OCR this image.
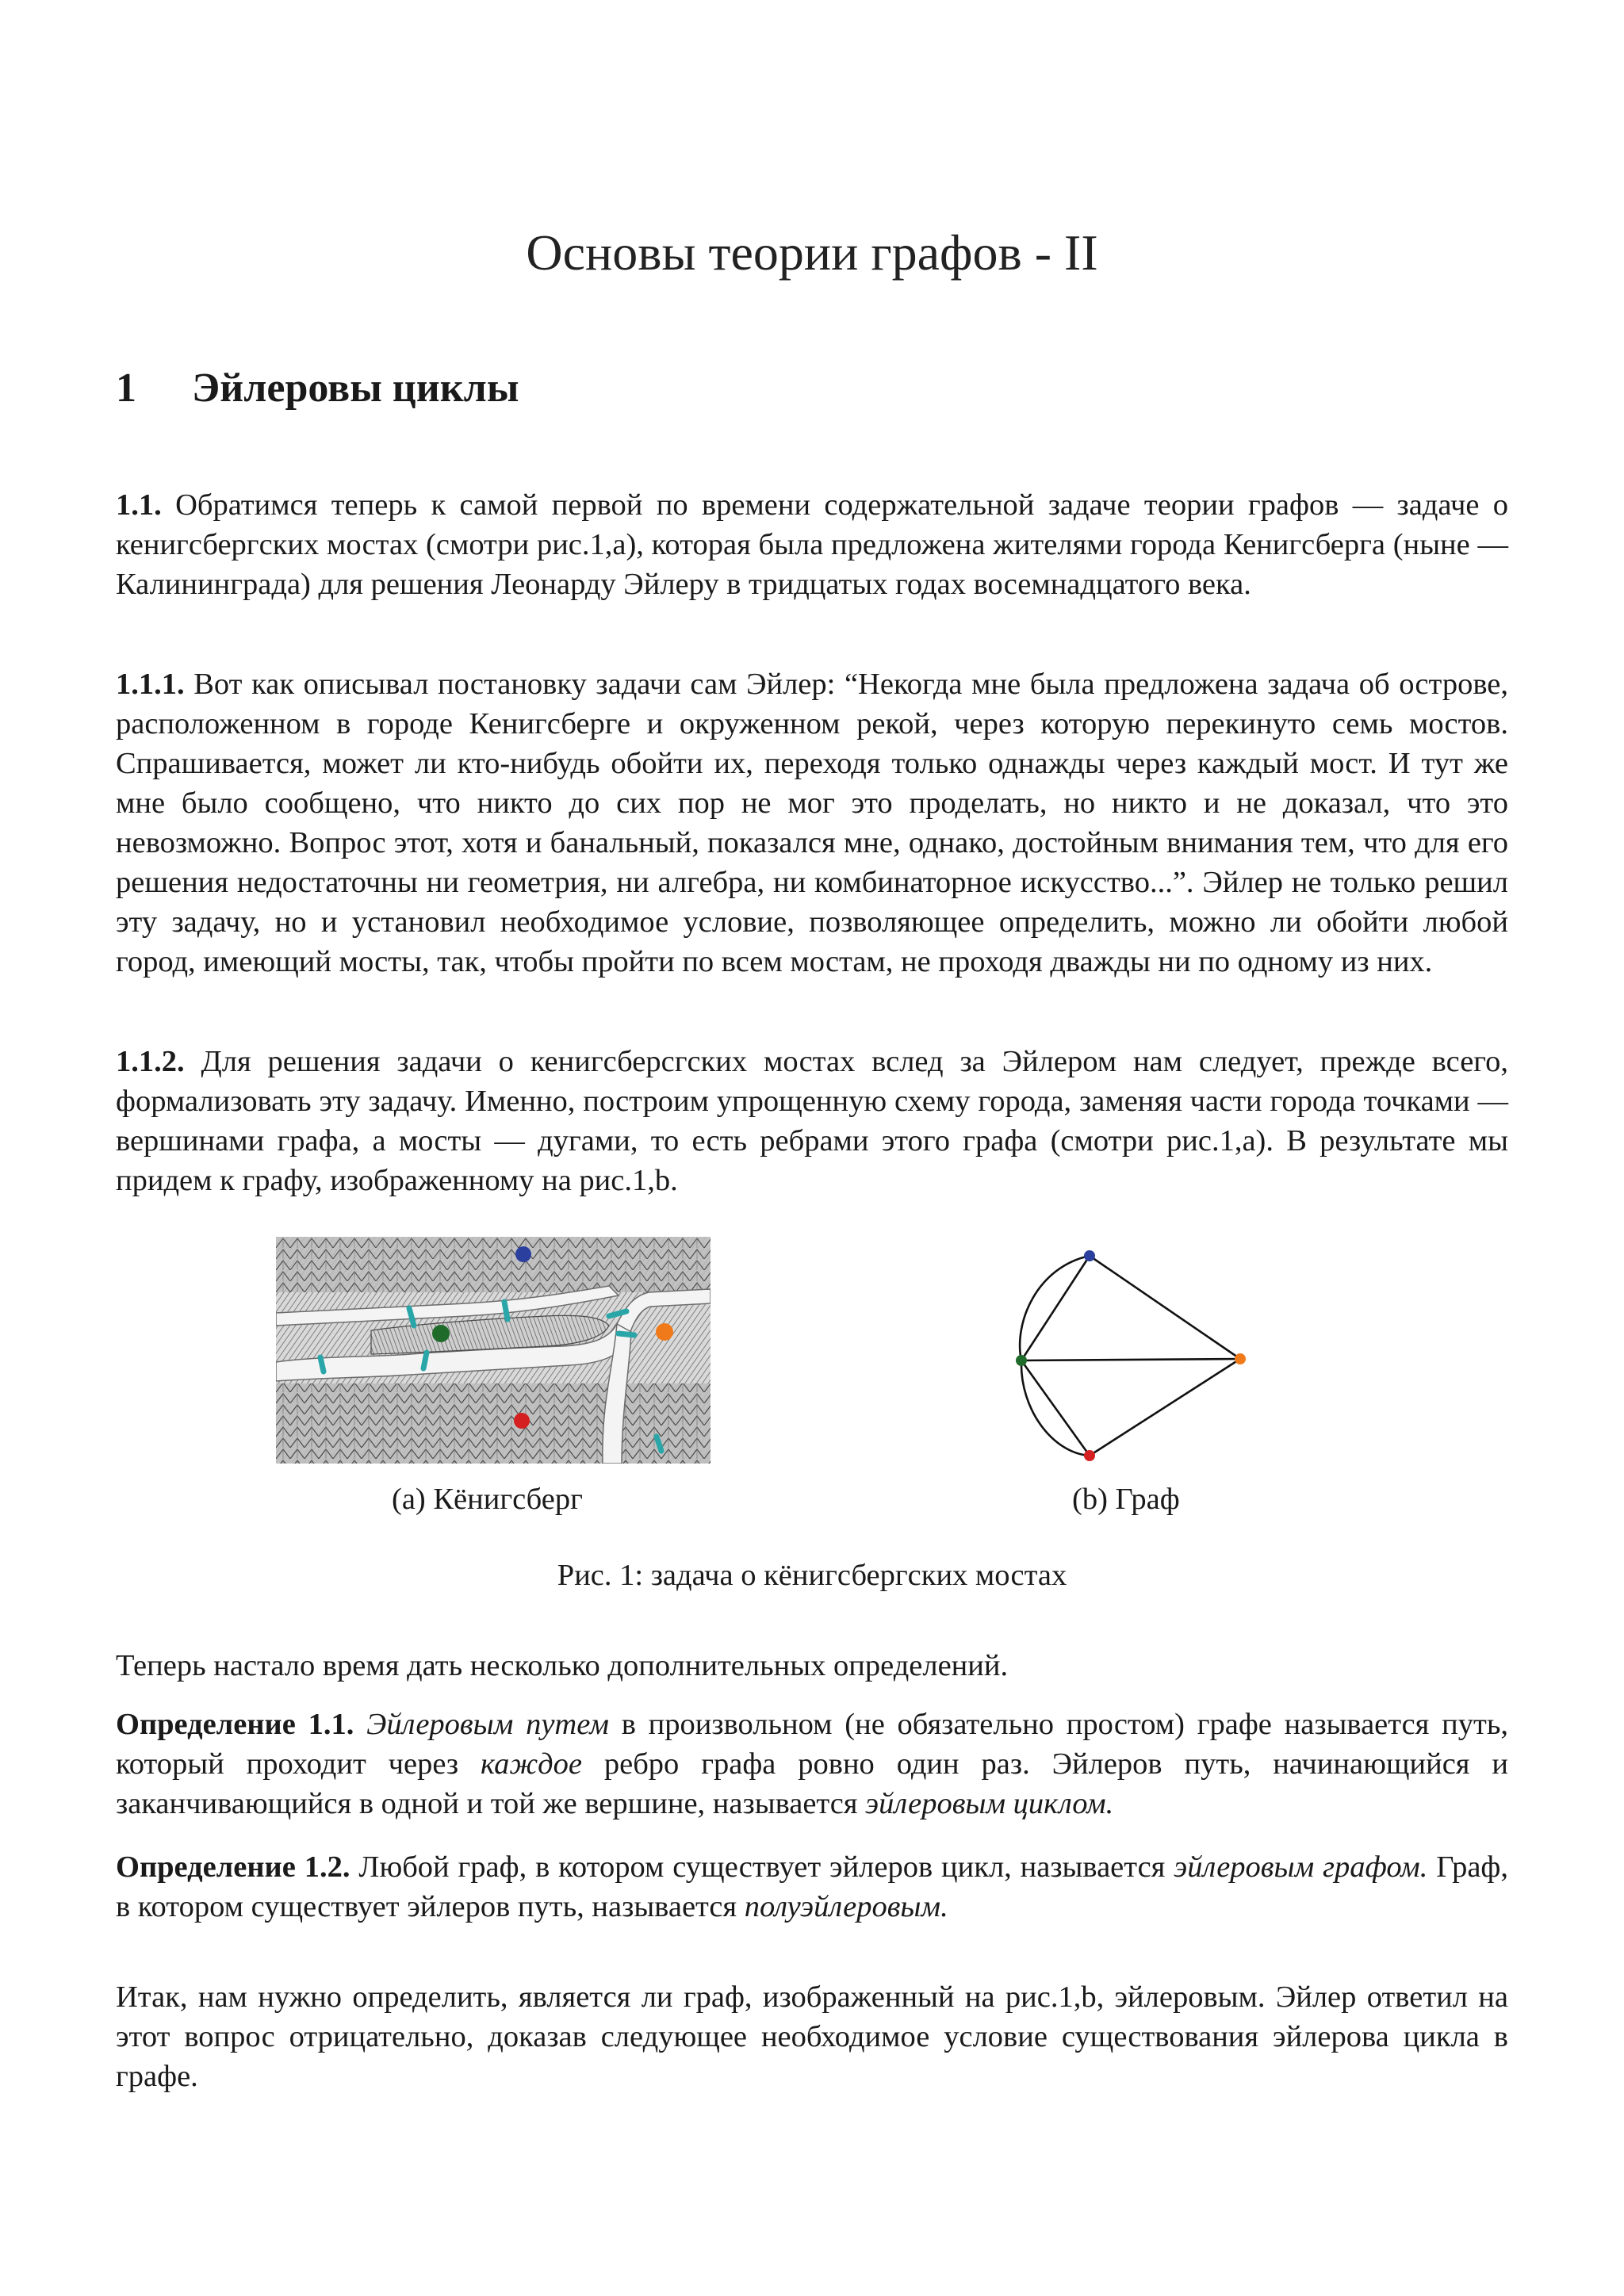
Основы теории графов - II
1 Эйлеровы циклы

1.1. Обратимся теперь к самой первой по времени содержательной задаче теории графов — задаче о кенигсбергских мостах (смотри рис.1,a), которая была предложена жителями города Кенигсберга (ныне — Калининграда) для решения Леонарду Эйлеру в тридцатых годах восемнадцатого века.

1.1.1. Вот как описывал постановку задачи сам Эйлер: “Некогда мне была предложена задача об острове, расположенном в городе Кенигсберге и окруженном рекой, через которую перекинуто семь мостов. Спрашивается, может ли кто-нибудь обойти их, переходя только однажды через каждый мост. И тут же мне было сообщено, что никто до сих пор не мог это проделать, но никто и не доказал, что это невозможно. Вопрос этот, хотя и банальный, показался мне, однако, достойным внимания тем, что для его решения недостаточны ни геометрия, ни алгебра, ни комбинаторное искусство...”. Эйлер не только решил эту задачу, но и установил необходимое условие, позволяющее определить, можно ли обойти любой город, имеющий мосты, так, чтобы пройти по всем мостам, не проходя дважды ни по одному из них.

1.1.2. Для решения задачи о кенигсберсгских мостах вслед за Эйлером нам следует, прежде всего, формализовать эту задачу. Именно, построим упрощенную схему города, заменяя части города точками — вершинами графа, а мосты — дугами, то есть ребрами этого графа (смотри рис.1,a). В результате мы придем к графу, изображенному на рис.1,b.

(a) Кёнигсберг	(b) Граф

Рис. 1: задача о кёнигсбергских мостах

Теперь настало время дать несколько дополнительных определений.

Определение 1.1. Эйлеровым путем в произвольном (не обязательно простом) графе называется путь, который проходит через каждое ребро графа ровно один раз. Эйлеров путь, начинающийся и заканчивающийся в одной и той же вершине, называется эйлеровым циклом.

Определение 1.2. Любой граф, в котором существует эйлеров цикл, называется эйлеровым графом. Граф, в котором существует эйлеров путь, называется полуэйлеровым.

Итак, нам нужно определить, является ли граф, изображенный на рис.1,b, эйлеровым. Эйлер ответил на этот вопрос отрицательно, доказав следующее необходимое условие существования эйлерова цикла в графе.
